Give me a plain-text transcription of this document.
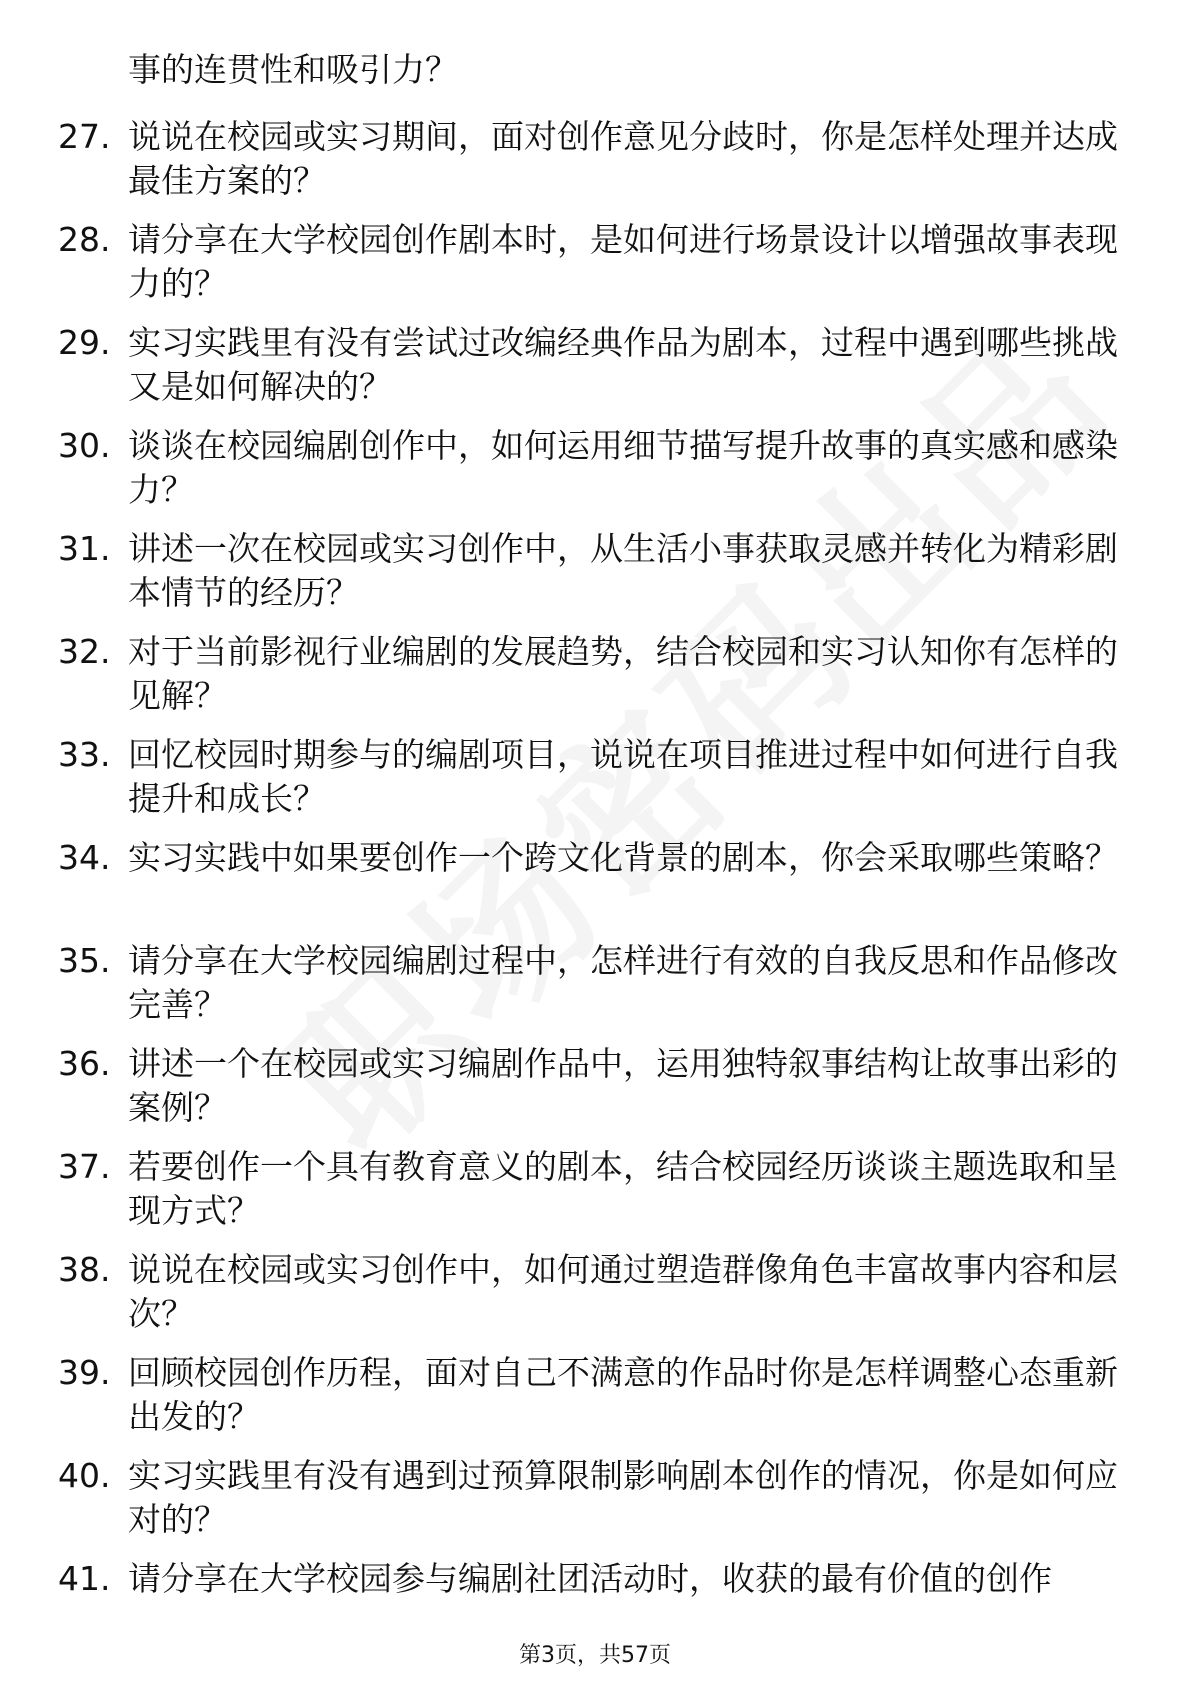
事的连贯性和吸引力？
27. 说说在校园或实习期间，面对创作意见分歧时，你是怎样处理并达成最佳方案的？
28. 请分享在大学校园创作剧本时，是如何进行场景设计以增强故事表现力的？
29. 实习实践里有没有尝试过改编经典作品为剧本，过程中遇到哪些挑战又是如何解决的？
30. 谈谈在校园编剧创作中，如何运用细节描写提升故事的真实感和感染力？
31. 讲述一次在校园或实习创作中，从生活小事获取灵感并转化为精彩剧本情节的经历？
32. 对于当前影视行业编剧的发展趋势，结合校园和实习认知你有怎样的见解？
33. 回忆校园时期参与的编剧项目，说说在项目推进过程中如何进行自我提升和成长？
34. 实习实践中如果要创作一个跨文化背景的剧本，你会采取哪些策略？
35. 请分享在大学校园编剧过程中，怎样进行有效的自我反思和作品修改完善？
36. 讲述一个在校园或实习编剧作品中，运用独特叙事结构让故事出彩的案例？
37. 若要创作一个具有教育意义的剧本，结合校园经历谈谈主题选取和呈现方式？
38. 说说在校园或实习创作中，如何通过塑造群像角色丰富故事内容和层次？
39. 回顾校园创作历程，面对自己不满意的作品时你是怎样调整心态重新出发的？
40. 实习实践里有没有遇到过预算限制影响剧本创作的情况，你是如何应对的？
41. 请分享在大学校园参与编剧社团活动时，收获的最有价值的创作
第3页，共57页
